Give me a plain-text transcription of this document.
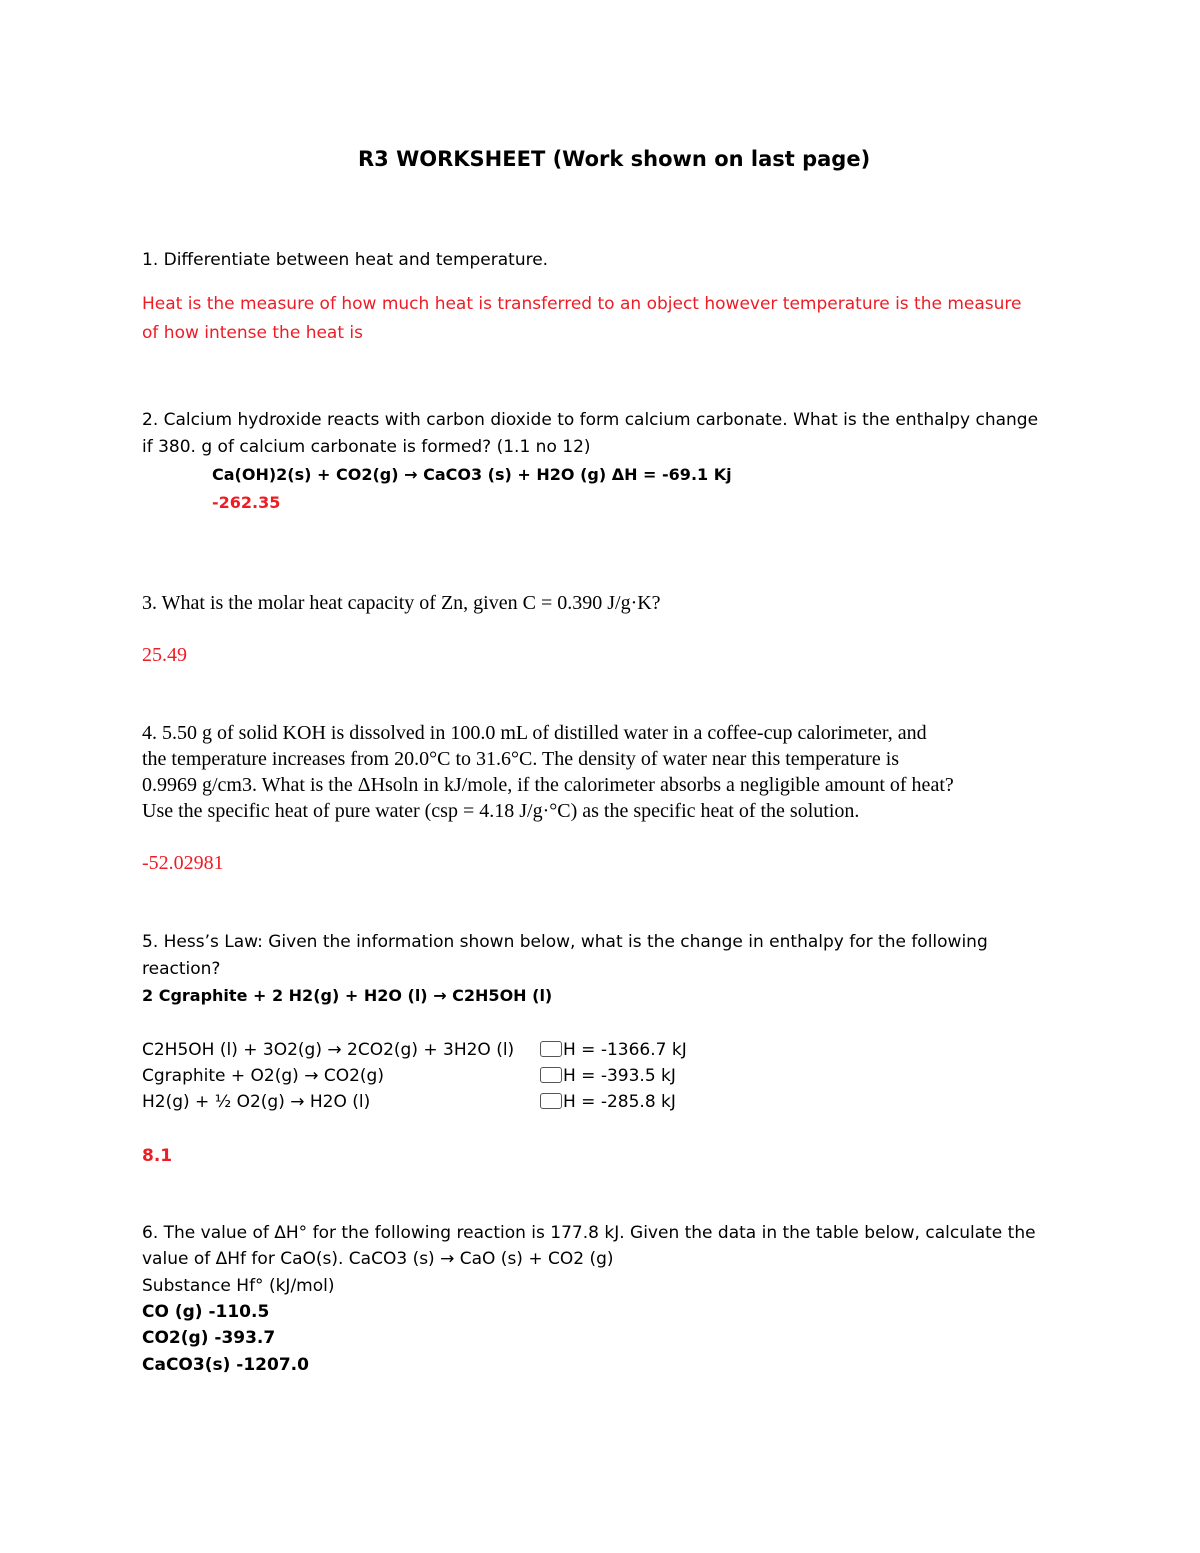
R3 WORKSHEET (Work shown on last page)
1. Differentiate between heat and temperature.
Heat is the measure of how much heat is transferred to an object however temperature is the measure
of how intense the heat is
2. Calcium hydroxide reacts with carbon dioxide to form calcium carbonate. What is the enthalpy change
if 380. g of calcium carbonate is formed? (1.1 no 12)
Ca(OH)2(s) + CO2(g) → CaCO3 (s) + H2O (g) ΔH = -69.1 Kj
-262.35
3. What is the molar heat capacity of Zn, given C = 0.390 J/g·K?
25.49
4. 5.50 g of solid KOH is dissolved in 100.0 mL of distilled water in a coffee-cup calorimeter, and
the temperature increases from 20.0°C to 31.6°C. The density of water near this temperature is
0.9969 g/cm3. What is the ΔHsoln in kJ/mole, if the calorimeter absorbs a negligible amount of heat?
Use the specific heat of pure water (csp = 4.18 J/g·°C) as the specific heat of the solution.
-52.02981
5. Hess’s Law: Given the information shown below, what is the change in enthalpy for the following
reaction?
2 Cgraphite + 2 H2(g) + H2O (l) → C2H5OH (l)
C2H5OH (l) + 3O2(g) → 2CO2(g) + 3H2O (l)	H = -1366.7 kJ
Cgraphite + O2(g) → CO2(g)	H = -393.5 kJ
H2(g) + ½ O2(g) → H2O (l)	H = -285.8 kJ
8.1
6. The value of ΔH° for the following reaction is 177.8 kJ. Given the data in the table below, calculate the
value of ΔHf for CaO(s). CaCO3 (s) → CaO (s) + CO2 (g)
Substance Hf° (kJ/mol)
CO (g) -110.5
CO2(g) -393.7
CaCO3(s) -1207.0
